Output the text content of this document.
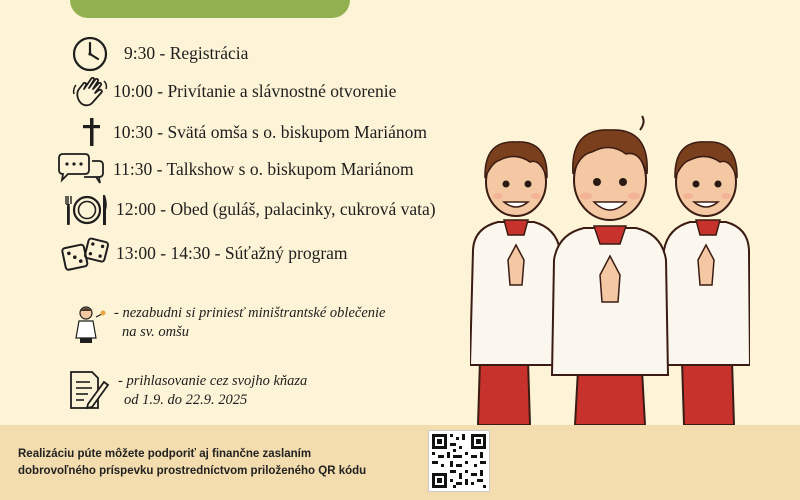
9:30 - Registrácia
10:00 - Privítanie a slávnostné otvorenie
10:30 - Svätá omša s o. biskupom Mariánom
11:30 - Talkshow s o. biskupom Mariánom
12:00 - Obed (guláš, palacinky, cukrová vata)
13:00 - 14:30 - Súťažný program
- nezabudni si priniesť miništrantské oblečenie
na sv. omšu
- prihlasovanie cez svojho kňaza
od 1.9. do 22.9. 2025
Realizáciu púte môžete podporiť aj finančne zaslaním
dobrovoľného príspevku prostredníctvom priloženého QR kódu
